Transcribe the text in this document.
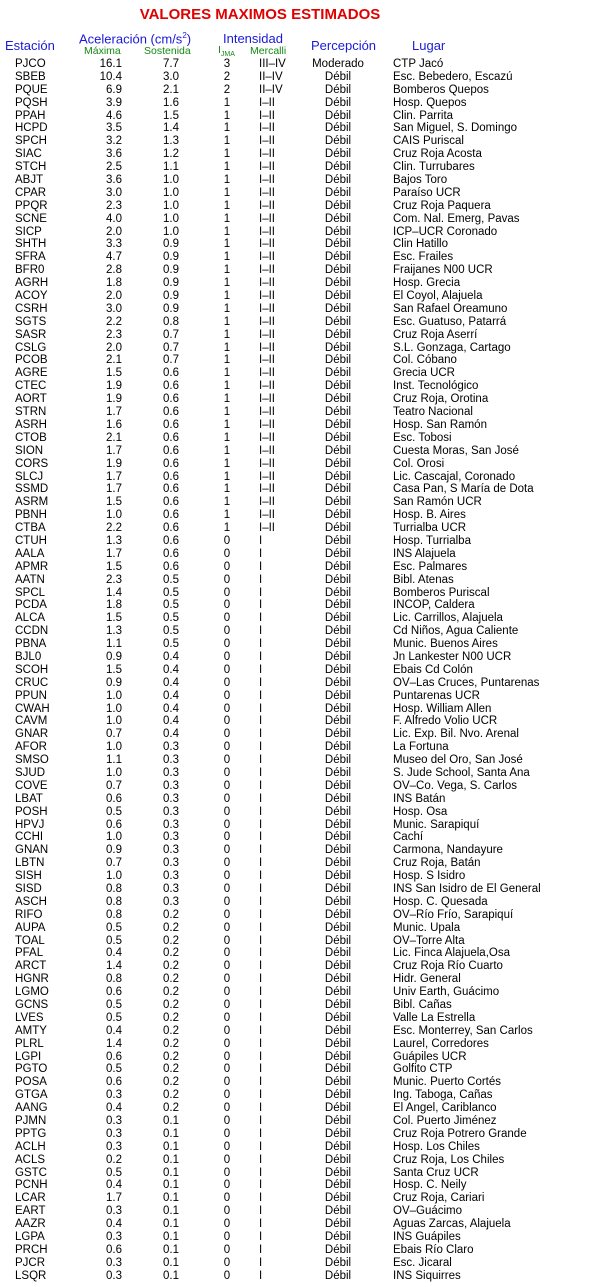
VALORES MAXIMOS ESTIMADOS
Estación Aceleración $(cm/s^2)$
Máxima Sostenida
Intensidad
$I_{JMA}$ Mercalli Percepción	Lugar
PJCO	16.1	7.7	3	III–IV	Moderado	CTP Jacó
SBEB	10.4	3.0	2	II–IV	Débil	Esc. Bebedero, Escazú
PQUE	6.9	2.1	2	II–IV	Débil	Bomberos Quepos
PQSH	3.9	1.6	1	I–II	Débil	Hosp. Quepos
PPAH	4.6	1.5	1	I–II	Débil	Clin. Parrita
HCPD	3.5	1.4	1	I–II	Débil	San Miguel, S. Domingo
SPCH	3.2	1.3	1	I–II	Débil	CAIS Puriscal
SIAC	3.6	1.2	1	I–II	Débil	Cruz Roja Acosta
STCH	2.5	1.1	1	I–II	Débil	Clin. Turrubares
ABJT	3.6	1.0	1	I–II	Débil	Bajos Toro
CPAR	3.0	1.0	1	I–II	Débil	Paraíso UCR
PPQR	2.3	1.0	1	I–II	Débil	Cruz Roja Paquera
SCNE	4.0	1.0	1	I–II	Débil	Com. Nal. Emerg, Pavas
SICP	2.0	1.0	1	I–II	Débil	ICP–UCR Coronado
SHTH	3.3	0.9	1	I–II	Débil	Clin Hatillo
SFRA	4.7	0.9	1	I–II	Débil	Esc. Frailes
BFR0	2.8	0.9	1	I–II	Débil	Fraijanes N00 UCR
AGRH	1.8	0.9	1	I–II	Débil	Hosp. Grecia
ACOY	2.0	0.9	1	I–II	Débil	El Coyol, Alajuela
CSRH	3.0	0.9	1	I–II	Débil	San Rafael Oreamuno
SGTS	2.2	0.8	1	I–II	Débil	Esc. Guatuso, Patarrá
SASR	2.3	0.7	1	I–II	Débil	Cruz Roja Aserrí
CSLG	2.0	0.7	1	I–II	Débil	S.L. Gonzaga, Cartago
PCOB	2.1	0.7	1	I–II	Débil	Col. Cóbano
AGRE	1.5	0.6	1	I–II	Débil	Grecia UCR
CTEC	1.9	0.6	1	I–II	Débil	Inst. Tecnológico
AORT	1.9	0.6	1	I–II	Débil	Cruz Roja, Orotina
STRN	1.7	0.6	1	I–II	Débil	Teatro Nacional
ASRH	1.6	0.6	1	I–II	Débil	Hosp. San Ramón
CTOB	2.1	0.6	1	I–II	Débil	Esc. Tobosi
SION	1.7	0.6	1	I–II	Débil	Cuesta Moras, San José
CORS	1.9	0.6	1	I–II	Débil	Col. Orosi
SLCJ	1.7	0.6	1	I–II	Débil	Lic. Cascajal, Coronado
SSMD	1.7	0.6	1	I–II	Débil	Casa Pan, S María de Dota
ASRM	1.5	0.6	1	I–II	Débil	San Ramón UCR
PBNH	1.0	0.6	1	I–II	Débil	Hosp. B. Aires
CTBA	2.2	0.6	1	I–II	Débil	Turrialba UCR
CTUH	1.3	0.6	0	I	Débil	Hosp. Turrialba
AALA	1.7	0.6	0	I	Débil	INS Alajuela
APMR	1.5	0.6	0	I	Débil	Esc. Palmares
AATN	2.3	0.5	0	I	Débil	Bibl. Atenas
SPCL	1.4	0.5	0	I	Débil	Bomberos Puriscal
PCDA	1.8	0.5	0	I	Débil	INCOP, Caldera
ALCA	1.5	0.5	0	I	Débil	Lic. Carrillos, Alajuela
CCDN	1.3	0.5	0	I	Débil	Cd Niños, Agua Caliente
PBNA	1.1	0.5	0	I	Débil	Munic. Buenos Aires
BJL0	0.9	0.4	0	I	Débil	Jn Lankester N00 UCR
SCOH	1.5	0.4	0	I	Débil	Ebais Cd Colón
CRUC	0.9	0.4	0	I	Débil	OV–Las Cruces, Puntarenas
PPUN	1.0	0.4	0	I	Débil	Puntarenas UCR
CWAH	1.0	0.4	0	I	Débil	Hosp. William Allen
CAVM	1.0	0.4	0	I	Débil	F. Alfredo Volio UCR
GNAR	0.7	0.4	0	I	Débil	Lic. Exp. Bil. Nvo. Arenal
AFOR	1.0	0.3	0	I	Débil	La Fortuna
SMSO	1.1	0.3	0	I	Débil	Museo del Oro, San José
SJUD	1.0	0.3	0	I	Débil	S. Jude School, Santa Ana
COVE	0.7	0.3	0	I	Débil	OV–Co. Vega, S. Carlos
LBAT	0.6	0.3	0	I	Débil	INS Batán
POSH	0.5	0.3	0	I	Débil	Hosp. Osa
HPVJ	0.6	0.3	0	I	Débil	Munic. Sarapiquí
CCHI	1.0	0.3	0	I	Débil	Cachí
GNAN	0.9	0.3	0	I	Débil	Carmona, Nandayure
LBTN	0.7	0.3	0	I	Débil	Cruz Roja, Batán
SISH	1.0	0.3	0	I	Débil	Hosp. S Isidro
SISD	0.8	0.3	0	I	Débil	INS San Isidro de El General
ASCH	0.8	0.3	0	I	Débil	Hosp. C. Quesada
RIFO	0.8	0.2	0	I	Débil	OV–Río Frío, Sarapiquí
AUPA	0.5	0.2	0	I	Débil	Munic. Upala
TOAL	0.5	0.2	0	I	Débil	OV–Torre Alta
PFAL	0.4	0.2	0	I	Débil	Lic. Finca Alajuela,Osa
ARCT	1.4	0.2	0	I	Débil	Cruz Roja Río Cuarto
HGNR	0.8	0.2	0	I	Débil	Hidr. General
LGMO	0.6	0.2	0	I	Débil	Univ Earth, Guácimo
GCNS	0.5	0.2	0	I	Débil	Bibl. Cañas
LVES	0.5	0.2	0	I	Débil	Valle La Estrella
AMTY	0.4	0.2	0	I	Débil	Esc. Monterrey, San Carlos
PLRL	1.4	0.2	0	I	Débil	Laurel, Corredores
LGPI	0.6	0.2	0	I	Débil	Guápiles UCR
PGTO	0.5	0.2	0	I	Débil	Golfito CTP
POSA	0.6	0.2	0	I	Débil	Munic. Puerto Cortés
GTGA	0.3	0.2	0	I	Débil	Ing. Taboga, Cañas
AANG	0.4	0.2	0	I	Débil	El Angel, Cariblanco
PJMN	0.3	0.1	0	I	Débil	Col. Puerto Jiménez
PPTG	0.3	0.1	0	I	Débil	Cruz Roja Potrero Grande
ACLH	0.3	0.1	0	I	Débil	Hosp. Los Chiles
ACLS	0.2	0.1	0	I	Débil	Cruz Roja, Los Chiles
GSTC	0.5	0.1	0	I	Débil	Santa Cruz UCR
PCNH	0.4	0.1	0	I	Débil	Hosp. C. Neily
LCAR	1.7	0.1	0	I	Débil	Cruz Roja, Cariari
EART	0.3	0.1	0	I	Débil	OV–Guácimo
AAZR	0.4	0.1	0	I	Débil	Aguas Zarcas, Alajuela
LGPA	0.3	0.1	0	I	Débil	INS Guápiles
PRCH	0.6	0.1	0	I	Débil	Ebais Río Claro
PJCR	0.3	0.1	0	I	Débil	Esc. Jicaral
LSQR	0.3	0.1	0	I	Débil	INS Siquirres
